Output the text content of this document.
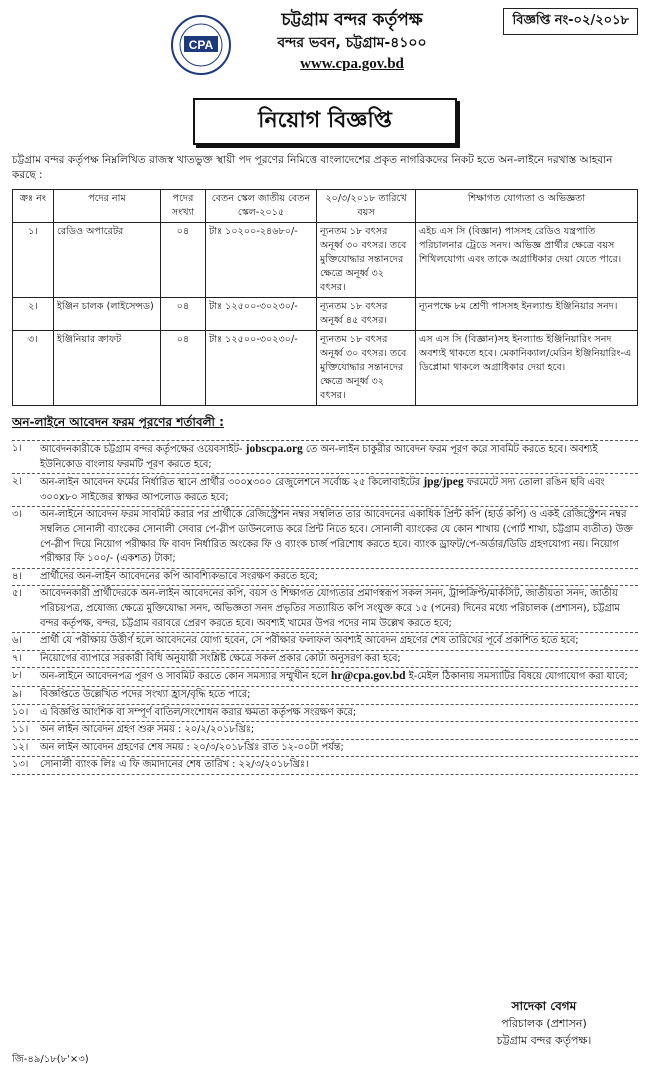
CPA
চট্টগ্রাম বন্দর কর্তৃপক্ষ
বন্দর ভবন, চট্টগ্রাম-৪১০০
www.cpa.gov.bd
বিজ্ঞপ্তি নং-০২/২০১৮
নিয়োগ বিজ্ঞপ্তি

চট্টগ্রাম বন্দর কর্তৃপক্ষ নিম্নলিখিত রাজস্ব খাতভুক্ত স্থায়ী পদ পূরণের নিমিত্তে বাংলাদেশের প্রকৃত নাগরিকদের নিকট হতে অন-লাইনে দরখাস্ত আহবান করছে :

ক্রঃ নং	পদের নাম	পদের সংখ্যা	বেতন স্কেল জাতীয় বেতন স্কেল-২০১৫	২০/৩/২০১৮ তারিখে বয়স	শিক্ষাগত যোগ্যতা ও অভিজ্ঞতা
১।	রেডিও অপারেটর	০৪	টাঃ ১০২০০-২৪৬৮০/-	ন্যূনতম ১৮ বৎসর অনূর্ধ্ব ৩০ বৎসর। তবে মুক্তিযোদ্ধার সন্তানদের ক্ষেত্রে অনূর্ধ্ব ৩২ বৎসর।	এইচ এস সি (বিজ্ঞান) পাসসহ রেডিও যন্ত্রপাতি পরিচালনার ট্রেডে সনদ। অভিজ্ঞ প্রার্থীর ক্ষেত্রে বয়স শিথিলযোগ্য এবং তাকে অগ্রাধিকার দেয়া যেতে পারে।
২।	ইঞ্জিন চালক (লাইসেন্সড)	০৪	টাঃ ১২৫০০-৩০২৩০/-	ন্যূনতম ১৮ বৎসর অনূর্ধ্ব ৪৫ বৎসর।	ন্যূনপক্ষে ৮ম শ্রেণী পাসসহ ইনল্যান্ড ইঞ্জিনিয়ার সনদ।
৩।	ইঞ্জিনিয়ার ক্রাফট	০৪	টাঃ ১২৫০০-৩০২৩০/-	ন্যূনতম ১৮ বৎসর অনূর্ধ্ব ৩০ বৎসর। তবে মুক্তিযোদ্ধার সন্তানদের ক্ষেত্রে অনূর্ধ্ব ৩২ বৎসর।	এস এস সি (বিজ্ঞান)সহ ইনল্যান্ড ইঞ্জিনিয়ারিং সনদ অবশ্যই থাকতে হবে। মেকানিক্যাল/মেরিন ইঞ্জিনিয়ারিং-এ ডিপ্লোমা থাকলে অগ্রাধিকার দেয়া হবে।
অন-লাইনে আবেদন ফরম পূরণের শর্তাবলী :
১।	আবেদনকারীকে চট্টগ্রাম বন্দর কর্তৃপক্ষের ওয়েবসাইট- jobscpa.org তে অন-লাইন চাকুরীর আবেদন ফরম পূরণ করে সাবমিট করতে হবে। অবশ্যই ইউনিকোড বাংলায় ফরমটি পূরণ করতে হবে;
২।	অন-লাইন আবেদন ফর্মের নির্ধারিত স্থানে প্রার্থীর ৩০০x৩০০ রেজুলেশনে সর্বোচ্চ ২৫ কিলোবাইটের jpg/jpeg ফরমেটে সদ্য তোলা রঙিন ছবি এবং ৩০০x৮০ সাইজের স্বাক্ষর আপলোড করতে হবে;
৩।	অন-লাইনে আবেদন ফরম সাবমিট করার পর প্রার্থীকে রেজিস্ট্রেশন নম্বর সম্বলিত তার আবেদনের একাধিক প্রিন্ট কপি (হার্ড কপি) ও একই রেজিস্ট্রেশন নম্বর সম্বলিত সোনালী ব্যাংকের সোনালী সেবার পে-স্লীপ ডাউনলোড করে প্রিন্ট নিতে হবে। সোনালী ব্যাংকের যে কোন শাখায় (পোর্ট শাখা, চট্টগ্রাম ব্যতীত) উক্ত পে-স্লীপ দিয়ে নিয়োগ পরীক্ষার ফি বাবদ নির্ধারিত অংকের ফি ও ব্যাংক চার্জ পরিশোধ করতে হবে। ব্যাংক ড্রাফট/পে-অর্ডার/ডিডি গ্রহণযোগ্য নয়। নিয়োগ পরীক্ষার ফি ১০০/- (একশত) টাকা;
৪।	প্রার্থীদের অন-লাইন আবেদনের কপি আবশ্যিকভাবে সংরক্ষণ করতে হবে;
৫।	আবেদনকারী প্রার্থীদেরকে অন-লাইন আবেদনের কপি, বয়স ও শিক্ষাগত যোগ্যতার প্রমাণস্বরূপ সকল সনদ, ট্রান্সক্রিপ্ট/মার্কসিট, জাতীয়তা সনদ, জাতীয় পরিচয়পত্র, প্রযোজ্য ক্ষেত্রে মুক্তিযোদ্ধা সনদ, অভিজ্ঞতা সনদ প্রভৃতির সত্যায়িত কপি সংযুক্ত করে ১৫ (পনের) দিনের মধ্যে পরিচালক (প্রশাসন), চট্টগ্রাম বন্দর কর্তৃপক্ষ, বন্দর, চট্টগ্রাম বরাবরে প্রেরণ করতে হবে। অবশ্যই খামের উপর পদের নাম উল্লেখ করতে হবে;
৬।	প্রার্থী যে পরীক্ষায় উত্তীর্ণ হলে আবেদনের যোগ্য হবেন, সে পরীক্ষার ফলাফল অবশ্যই আবেদন গ্রহণের শেষ তারিখের পূর্বে প্রকাশিত হতে হবে;
৭।	নিয়োগের ব্যাপারে সরকারী বিধি অনুযায়ী সংশ্লিষ্ট ক্ষেত্রে সকল প্রকার কোটা অনুসরণ করা হবে;
৮।	অন-লাইনে আবেদনপত্র পূরণ ও সাবমিট করতে কোন সমস্যার সম্মুখীন হলে hr@cpa.gov.bd ই-মেইল ঠিকানায় সমস্যাটির বিষয়ে যোগাযোগ করা যাবে;
৯।	বিজ্ঞপ্তিতে উল্লেখিত পদের সংখ্যা হ্রাস/বৃদ্ধি হতে পারে;
১০।	এ বিজ্ঞপ্তি আংশিক বা সম্পূর্ণ বাতিল/সংশোধন করার ক্ষমতা কর্তৃপক্ষ সংরক্ষণ করে;
১১।	অন লাইন আবেদন গ্রহণ শুরু সময় : ২০/২/২০১৮খ্রিঃ;
১২।	অন লাইন আবেদন গ্রহণের শেষ সময় : ২০/৩/২০১৮খ্রিঃ রাত ১২-০০টা পর্যন্ত;
১৩।	সোনালী ব্যাংক লিঃ এ ফি জমাদানের শেষ তারিখ : ২২/৩/২০১৮খ্রিঃ।
সাদেকা বেগম
পরিচালক (প্রশাসন)
চট্টগ্রাম বন্দর কর্তৃপক্ষ।
জি-৪৯/১৮(৮'×৩)
